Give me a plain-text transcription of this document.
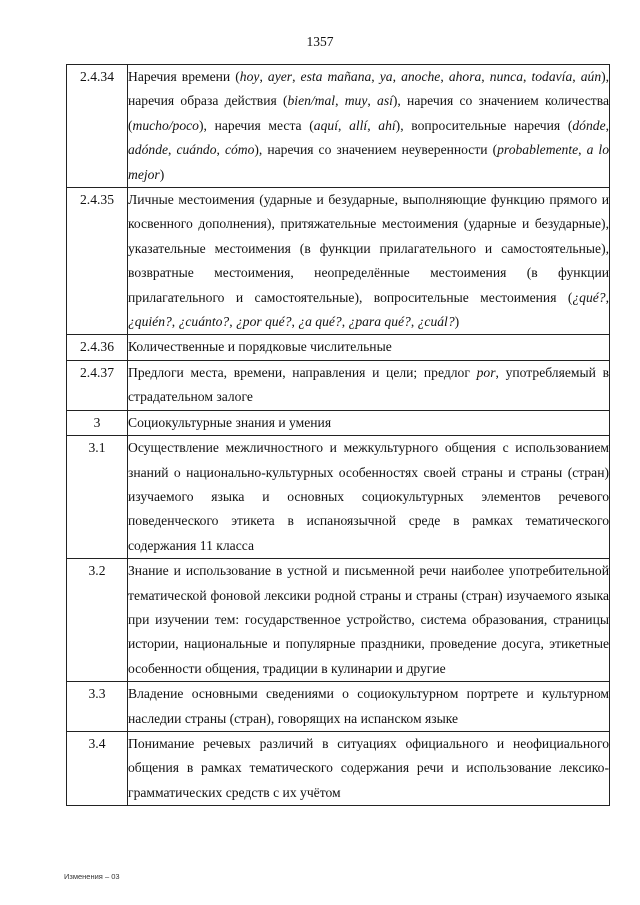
1357
2.4.34	Наречия времени (hoy, ayer, esta mañana, ya, anoche, ahora, nunca, todavía, aún), наречия образа действия (bien/mal, muy, así), наречия со значением количества (mucho/poco), наречия места (aquí, allí, ahí), вопросительные наречия (dónde, adónde, cuándo, cómo), наречия со значением неуверенности (probablemente, a lo mejor)
2.4.35	Личные местоимения (ударные и безударные, выполняющие функцию прямого и косвенного дополнения), притяжательные местоимения (ударные и безударные), указательные местоимения (в функции прилагательного и самостоятельные), возвратные местоимения, неопределённые местоимения (в функции прилагательного и самостоятельные), вопросительные местоимения (¿qué?, ¿quién?, ¿cuánto?, ¿por qué?, ¿a qué?, ¿para qué?, ¿cuál?)
2.4.36	Количественные и порядковые числительные
2.4.37	Предлоги места, времени, направления и цели; предлог por, употребляемый в страдательном залоге
3	Социокультурные знания и умения
3.1	Осуществление межличностного и межкультурного общения с использованием знаний о национально-культурных особенностях своей страны и страны (стран) изучаемого языка и основных социокультурных элементов речевого поведенческого этикета в испаноязычной среде в рамках тематического содержания 11 класса
3.2	Знание и использование в устной и письменной речи наиболее употребительной тематической фоновой лексики родной страны и страны (стран) изучаемого языка при изучении тем: государственное устройство, система образования, страницы истории, национальные и популярные праздники, проведение досуга, этикетные особенности общения, традиции в кулинарии и другие
3.3	Владение основными сведениями о социокультурном портрете и культурном наследии страны (стран), говорящих на испанском языке
3.4	Понимание речевых различий в ситуациях официального и неофициального общения в рамках тематического содержания речи и использование лексико-грамматических средств с их учётом
Изменения – 03
